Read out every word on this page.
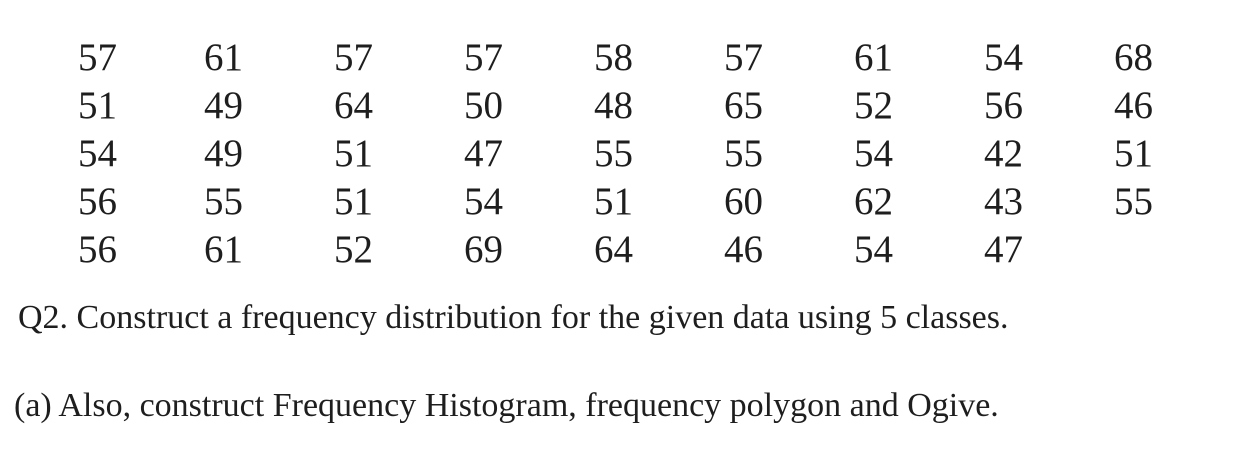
57	61	57	57	58	57	61	54	68
51	49	64	50	48	65	52	56	46
54	49	51	47	55	55	54	42	51
56	55	51	54	51	60	62	43	55
56	61	52	69	64	46	54	47	

Q2. Construct a frequency distribution for the given data using 5 classes.

(a) Also, construct Frequency Histogram, frequency polygon and Ogive.
